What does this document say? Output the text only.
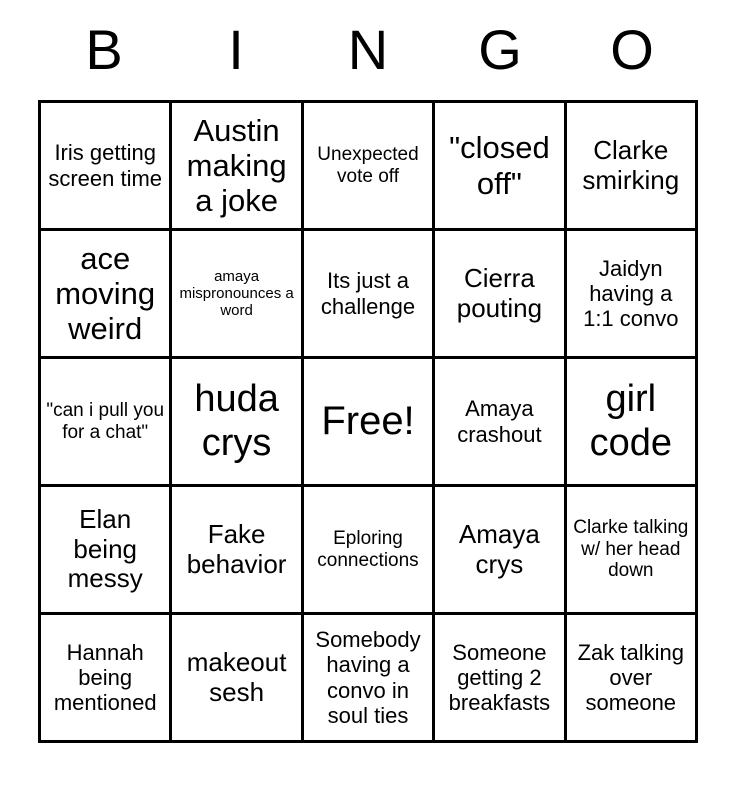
B I N G O
Iris getting screen time
Austin making a joke
Unexpected vote off
"closed off"
Clarke smirking
ace moving weird
amaya mispronounces a word
Its just a challenge
Cierra pouting
Jaidyn having a 1:1 convo
"can i pull you for a chat"
huda crys	Free!	Amaya crashout
girl code
Elan being messy
Fake behavior
Eploring connections
Amaya crys
Clarke talking w/ her head down
Hannah being mentioned
makeout sesh
Somebody having a convo in soul ties
Someone getting 2 breakfasts
Zak talking over someone
